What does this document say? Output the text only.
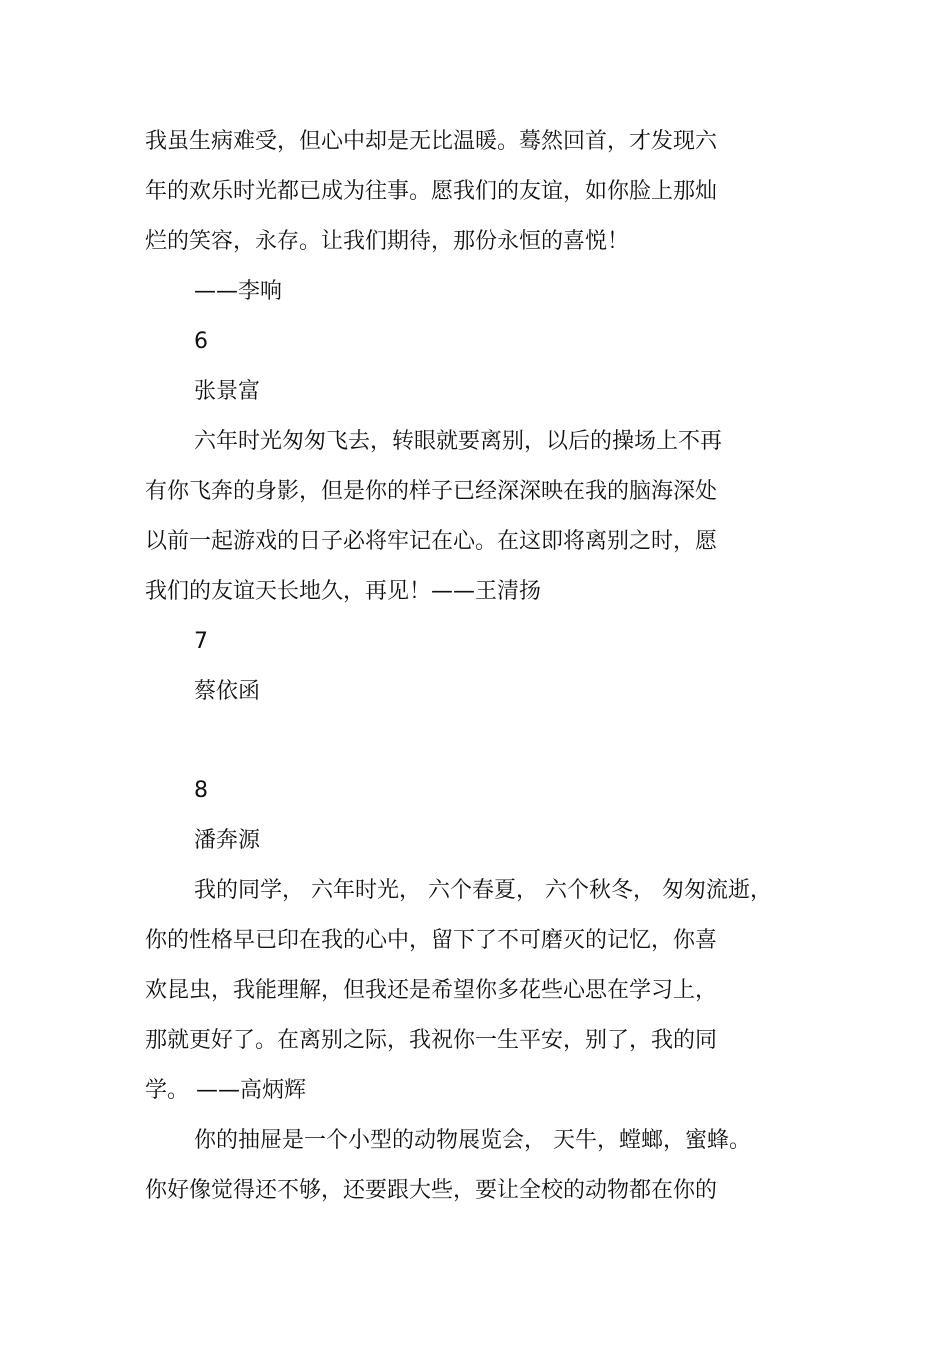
我虽生病难受，但心中却是无比温暖。蓦然回首，才发现六
年的欢乐时光都已成为往事。愿我们的友谊，如你脸上那灿
烂的笑容，永存。让我们期待，那份永恒的喜悦！
——李响
6
张景富
六年时光匆匆飞去，转眼就要离别，以后的操场上不再
有你飞奔的身影，但是你的样子已经深深映在我的脑海深处
以前一起游戏的日子必将牢记在心。在这即将离别之时，愿
我们的友谊天长地久，再见！——王清扬
7
蔡依函
8
潘奔源
我的同学， 六年时光， 六个春夏， 六个秋冬， 匆匆流逝，
你的性格早已印在我的心中，留下了不可磨灭的记忆，你喜
欢昆虫，我能理解，但我还是希望你多花些心思在学习上，
那就更好了。在离别之际，我祝你一生平安，别了，我的同
学。 ——高炳辉
你的抽屉是一个小型的动物展览会， 天牛，螳螂，蜜蜂。
你好像觉得还不够，还要跟大些，要让全校的动物都在你的
